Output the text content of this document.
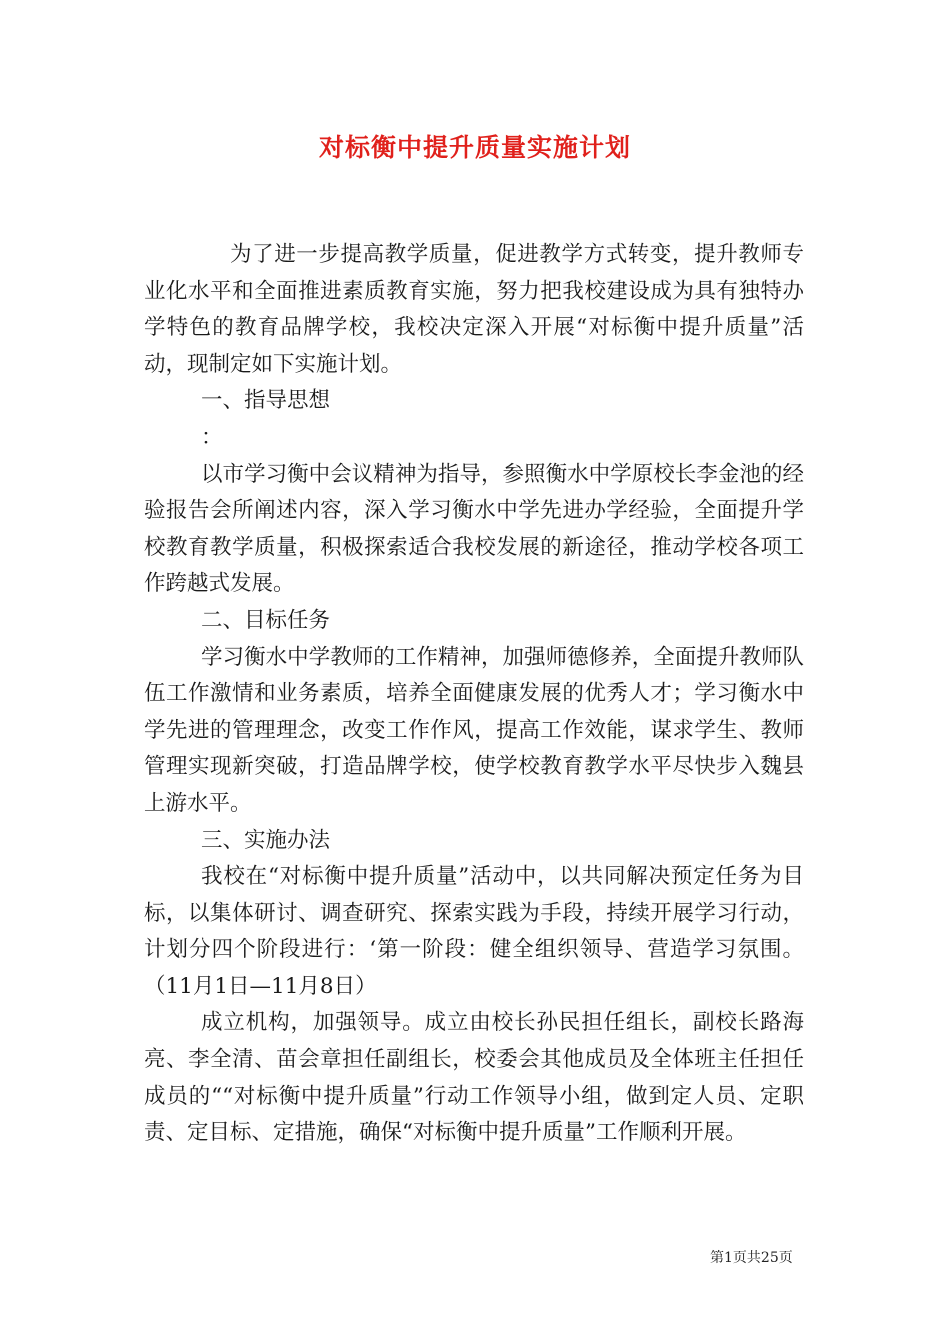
对标衡中提升质量实施计划

为了进一步提高教学质量，促进教学方式转变，提升教师专业化水平和全面推进素质教育实施，努力把我校建设成为具有独特办学特色的教育品牌学校，我校决定深入开展“对标衡中提升质量”活动，现制定如下实施计划。

一、指导思想

：

以市学习衡中会议精神为指导，参照衡水中学原校长李金池的经验报告会所阐述内容，深入学习衡水中学先进办学经验，全面提升学校教育教学质量，积极探索适合我校发展的新途径，推动学校各项工作跨越式发展。

二、目标任务

学习衡水中学教师的工作精神，加强师德修养，全面提升教师队伍工作激情和业务素质，培养全面健康发展的优秀人才；学习衡水中学先进的管理理念，改变工作作风，提高工作效能，谋求学生、教师管理实现新突破，打造品牌学校，使学校教育教学水平尽快步入魏县上游水平。

三、实施办法

我校在“对标衡中提升质量”活动中，以共同解决预定任务为目标，以集体研讨、调查研究、探索实践为手段，持续开展学习行动，计划分四个阶段进行：‘第一阶段：健全组织领导、营造学习氛围。（11月1日—11月8日）

成立机构，加强领导。成立由校长孙民担任组长，副校长路海亮、李全清、苗会章担任副组长，校委会其他成员及全体班主任担任成员的““对标衡中提升质量”行动工作领导小组，做到定人员、定职责、定目标、定措施，确保“对标衡中提升质量”工作顺利开展。

第1页共25页
